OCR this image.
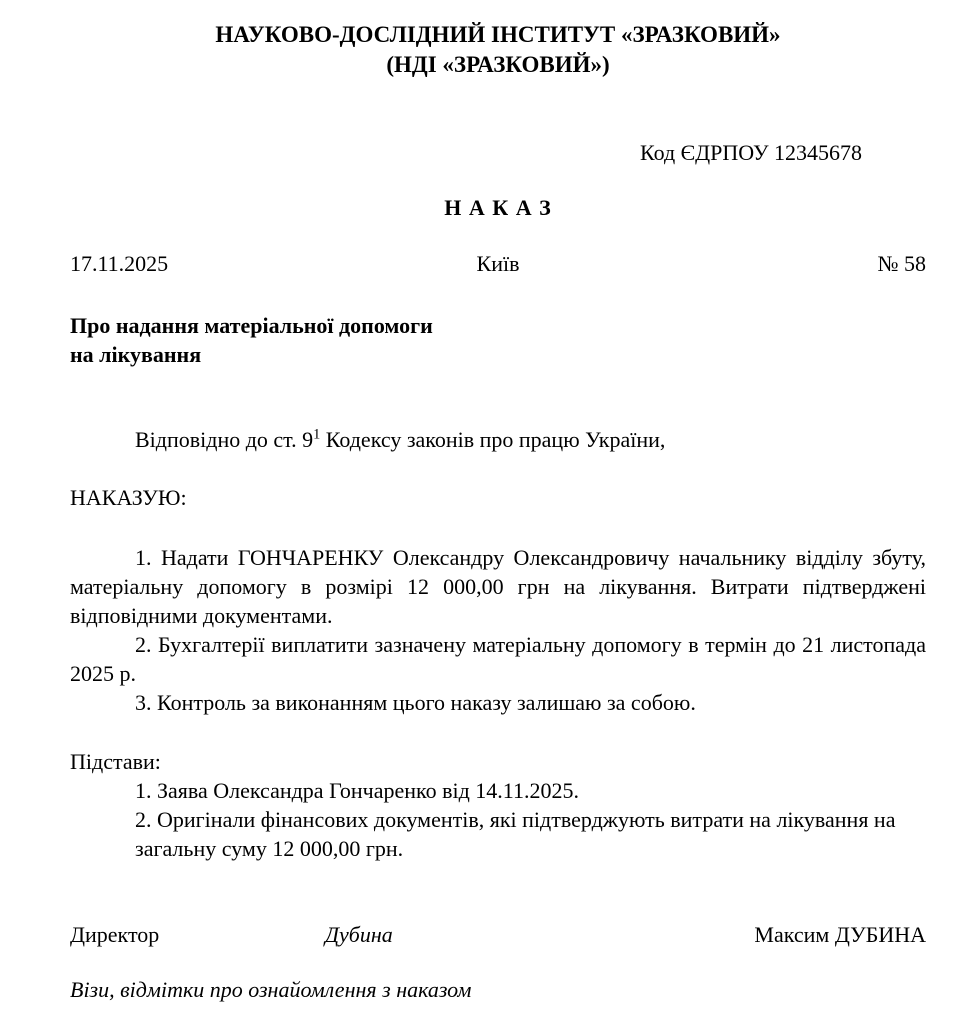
НАУКОВО-ДОСЛІДНИЙ ІНСТИТУТ «ЗРАЗКОВИЙ»
(НДІ «ЗРАЗКОВИЙ»)
Код ЄДРПОУ 12345678
Н А К А З
17.11.2025	Київ	№ 58
Про надання матеріальної допомоги
на лікування

Відповідно до ст. $9^1$ Кодексу законів про працю України,

НАКАЗУЮ:

1. Надати ГОНЧАРЕНКУ Олександру Олександровичу начальнику відділу збуту, матеріальну допомогу в розмірі 12 000,00 грн на лікування. Витрати підтверджені відповідними документами.

2. Бухгалтерії виплатити зазначену матеріальну допомогу в термін до 21 листопада 2025 р.

3. Контроль за виконанням цього наказу залишаю за собою.

Підстави:

1. Заява Олександра Гончаренко від 14.11.2025.

2. Оригінали фінансових документів, які підтверджують витрати на лікування на загальну суму 12 000,00 грн.

Директор	Дубина	Максим ДУБИНА
Візи, відмітки про ознайомлення з наказом
